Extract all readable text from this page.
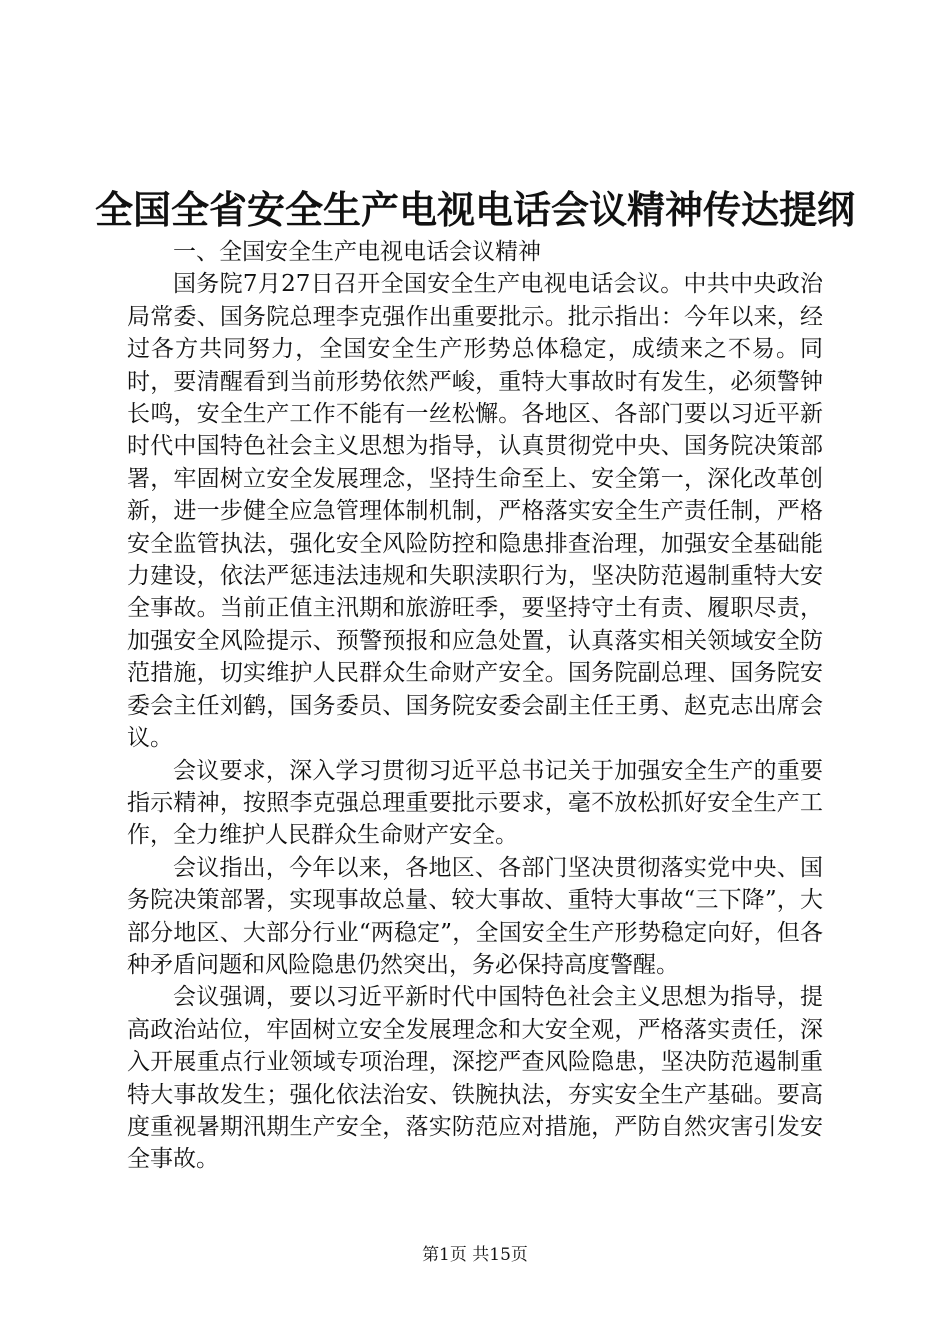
全国全省安全生产电视电话会议精神传达提纲

一、全国安全生产电视电话会议精神

国务院7月27日召开全国安全生产电视电话会议。中共中央政治局常委、国务院总理李克强作出重要批示。批示指出：今年以来，经过各方共同努力，全国安全生产形势总体稳定，成绩来之不易。同时，要清醒看到当前形势依然严峻，重特大事故时有发生，必须警钟长鸣，安全生产工作不能有一丝松懈。各地区、各部门要以习近平新时代中国特色社会主义思想为指导，认真贯彻党中央、国务院决策部署，牢固树立安全发展理念，坚持生命至上、安全第一，深化改革创新，进一步健全应急管理体制机制，严格落实安全生产责任制，严格安全监管执法，强化安全风险防控和隐患排查治理，加强安全基础能力建设，依法严惩违法违规和失职渎职行为，坚决防范遏制重特大安全事故。当前正值主汛期和旅游旺季，要坚持守土有责、履职尽责，加强安全风险提示、预警预报和应急处置，认真落实相关领域安全防范措施，切实维护人民群众生命财产安全。国务院副总理、国务院安委会主任刘鹤，国务委员、国务院安委会副主任王勇、赵克志出席会议。

会议要求，深入学习贯彻习近平总书记关于加强安全生产的重要指示精神，按照李克强总理重要批示要求，毫不放松抓好安全生产工作，全力维护人民群众生命财产安全。

会议指出，今年以来，各地区、各部门坚决贯彻落实党中央、国务院决策部署，实现事故总量、较大事故、重特大事故“三下降”，大部分地区、大部分行业“两稳定”，全国安全生产形势稳定向好，但各种矛盾问题和风险隐患仍然突出，务必保持高度警醒。

会议强调，要以习近平新时代中国特色社会主义思想为指导，提高政治站位，牢固树立安全发展理念和大安全观，严格落实责任，深入开展重点行业领域专项治理，深挖严查风险隐患，坚决防范遏制重特大事故发生；强化依法治安、铁腕执法，夯实安全生产基础。要高度重视暑期汛期生产安全，落实防范应对措施，严防自然灾害引发安全事故。

第1页 共15页
